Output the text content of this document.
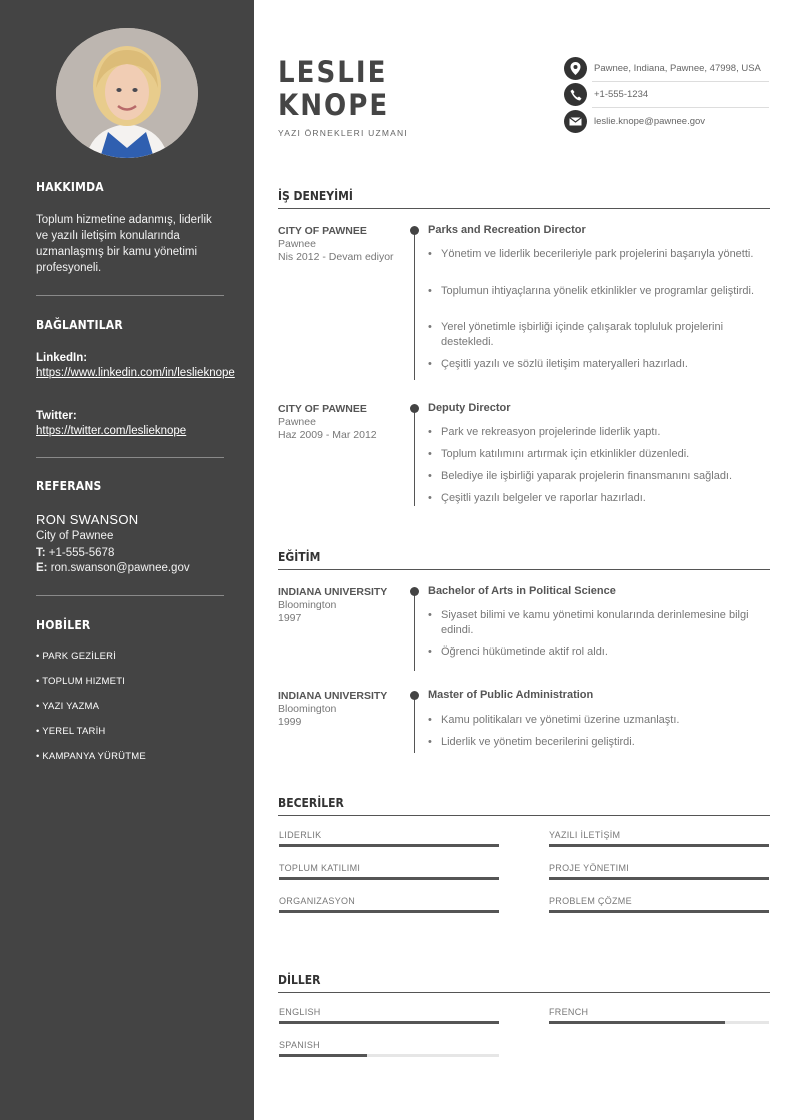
HAKKIMDA
Toplum hizmetine adanmış, liderlik ve yazılı iletişim konularında uzmanlaşmış bir kamu yönetimi profesyoneli.
BAĞLANTILAR
LinkedIn:
https://www.linkedin.com/in/leslieknope
Twitter:
https://twitter.com/leslieknope
REFERANS
RON SWANSON
City of Pawnee
T: +1-555-5678
E: ron.swanson@pawnee.gov
HOBİLER
• PARK GEZİLERİ
• TOPLUM HIZMETI
• YAZI YAZMA
• YEREL TARİH
• KAMPANYA YÜRÜTME
LESLIE
KNOPE
YAZI ÖRNEKLERI UZMANI
Pawnee, Indiana, Pawnee, 47998, USA
+1-555-1234
leslie.knope@pawnee.gov
İŞ DENEYİMİ
CITY OF PAWNEE
Pawnee
Nis 2012 - Devam ediyor
Parks and Recreation Director
• Yönetim ve liderlik becerileriyle park projelerini başarıyla yönetti.
• Toplumun ihtiyaçlarına yönelik etkinlikler ve programlar geliştirdi.
• Yerel yönetimle işbirliği içinde çalışarak topluluk projelerini destekledi.
• Çeşitli yazılı ve sözlü iletişim materyalleri hazırladı.
CITY OF PAWNEE
Pawnee
Haz 2009 - Mar 2012
Deputy Director
• Park ve rekreasyon projelerinde liderlik yaptı.
• Toplum katılımını artırmak için etkinlikler düzenledi.
• Belediye ile işbirliği yaparak projelerin finansmanını sağladı.
• Çeşitli yazılı belgeler ve raporlar hazırladı.
EĞİTİM
INDIANA UNIVERSITY
Bloomington
1997
Bachelor of Arts in Political Science
• Siyaset bilimi ve kamu yönetimi konularında derinlemesine bilgi edindi.
• Öğrenci hükümetinde aktif rol aldı.
INDIANA UNIVERSITY
Bloomington
1999
Master of Public Administration
• Kamu politikaları ve yönetimi üzerine uzmanlaştı.
• Liderlik ve yönetim becerilerini geliştirdi.
BECERİLER
LIDERLIK	YAZILI İLETİŞİM
TOPLUM KATILIMI	PROJE YÖNETIMI
ORGANIZASYON	PROBLEM ÇÖZME
DİLLER
ENGLISH	FRENCH
SPANISH
